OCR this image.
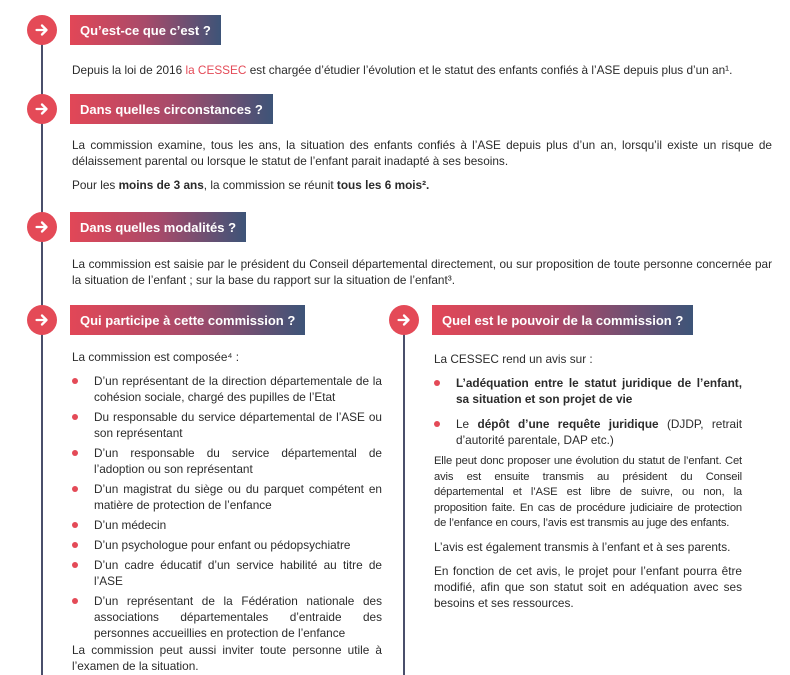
Qu’est-ce que c’est ?

Depuis la loi de 2016 la CESSEC est chargée d’étudier l’évolution et le statut des enfants confiés à l’ASE depuis plus d’un an¹.

Dans quelles circonstances ?

La commission examine, tous les ans, la situation des enfants confiés à l’ASE depuis plus d’un an, lorsqu’il existe un risque de délaissement parental ou lorsque le statut de l’enfant parait inadapté à ses besoins.

Pour les moins de 3 ans, la commission se réunit tous les 6 mois².

Dans quelles modalités ?

La commission est saisie par le président du Conseil départemental directement, ou sur proposition de toute personne concernée par la situation de l’enfant ; sur la base du rapport sur la situation de l’enfant³.

Qui participe à cette commission ?

La commission est composée⁴ :

D’un représentant de la direction départementale de la cohésion sociale, chargé des pupilles de l’Etat
Du responsable du service départemental de l’ASE ou son représentant
D’un responsable du service départemental de l’adoption ou son représentant
D’un magistrat du siège ou du parquet compétent en matière de protection de l’enfance
D’un médecin
D’un psychologue pour enfant ou pédopsychiatre
D’un cadre éducatif d’un service habilité au titre de l’ASE
D’un représentant de la Fédération nationale des associations départementales d’entraide des personnes accueillies en protection de l’enfance

La commission peut aussi inviter toute personne utile à l’examen de la situation.

Quel est le pouvoir de la commission ?

La CESSEC rend un avis sur :

L’adéquation entre le statut juridique de l’enfant, sa situation et son projet de vie
Le dépôt d’une requête juridique (DJDP, retrait d’autorité parentale, DAP etc.)

Elle peut donc proposer une évolution du statut de l’enfant. Cet avis est ensuite transmis au président du Conseil départemental et l’ASE est libre de suivre, ou non, la proposition faite. En cas de procédure judiciaire de protection de l’enfance en cours, l’avis est transmis au juge des enfants.

L’avis est également transmis à l’enfant et à ses parents.

En fonction de cet avis, le projet pour l’enfant pourra être modifié, afin que son statut soit en adéquation avec ses besoins et ses ressources.
